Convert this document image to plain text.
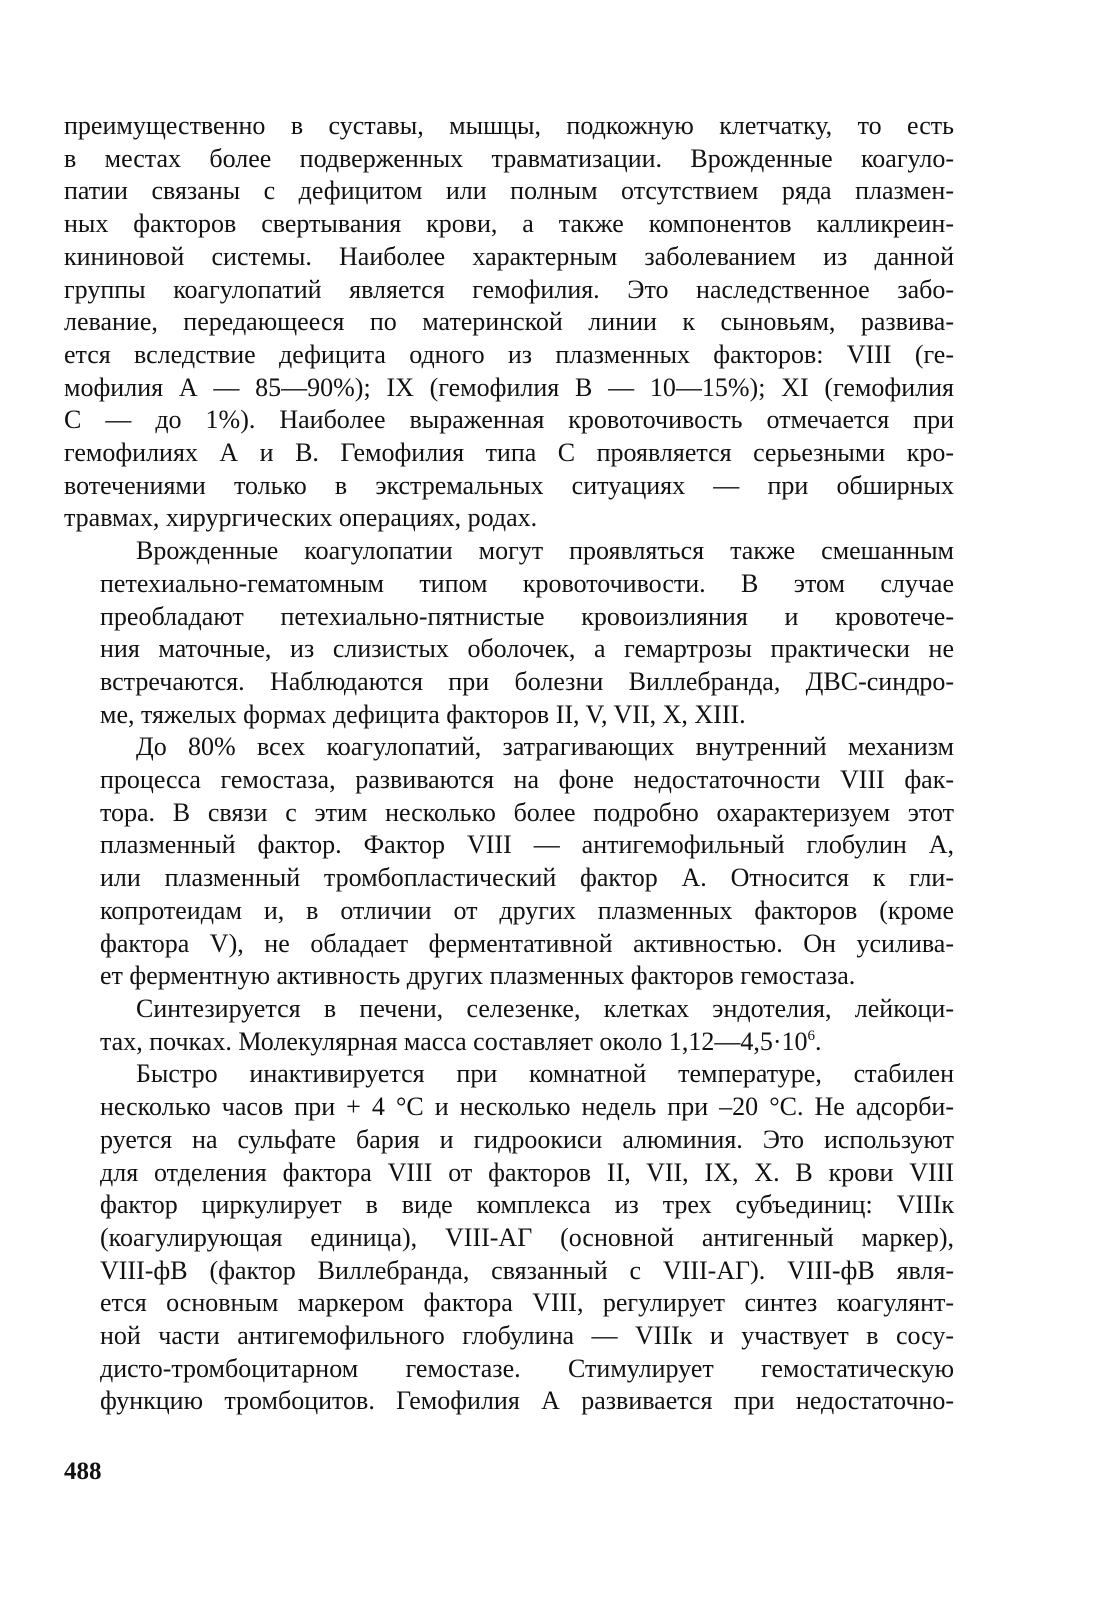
преимущественно в суставы, мышцы, подкожную клетчатку, то есть
в местах более подверженных травматизации. Врожденные коагуло-
патии связаны с дефицитом или полным отсутствием ряда плазмен-
ных факторов свертывания крови, а также компонентов калликреин-
кининовой системы. Наиболее характерным заболеванием из данной
группы коагулопатий является гемофилия. Это наследственное забо-
левание, передающееся по материнской линии к сыновьям, развива-
ется вследствие дефицита одного из плазменных факторов: VIII (ге-
мофилия А — 85—90%); IX (гемофилия В — 10—15%); XI (гемофилия
С — до 1%). Наиболее выраженная кровоточивость отмечается при
гемофилиях А и В. Гемофилия типа С проявляется серьезными кро-
вотечениями только в экстремальных ситуациях — при обширных
травмах, хирургических операциях, родах.
Врожденные коагулопатии могут проявляться также смешанным
петехиально-гематомным типом кровоточивости. В этом случае
преобладают петехиально-пятнистые кровоизлияния и кровотече-
ния маточные, из слизистых оболочек, а гемартрозы практически не
встречаются. Наблюдаются при болезни Виллебранда, ДВС-синдро-
ме, тяжелых формах дефицита факторов II, V, VII, X, XIII.
До 80% всех коагулопатий, затрагивающих внутренний механизм
процесса гемостаза, развиваются на фоне недостаточности VIII фак-
тора. В связи с этим несколько более подробно охарактеризуем этот
плазменный фактор. Фактор VIII — антигемофильный глобулин А,
или плазменный тромбопластический фактор А. Относится к гли-
копротеидам и, в отличии от других плазменных факторов (кроме
фактора V), не обладает ферментативной активностью. Он усилива-
ет ферментную активность других плазменных факторов гемостаза.
Синтезируется в печени, селезенке, клетках эндотелия, лейкоци-
тах, почках. Молекулярная масса составляет около $1,12—4,5\cdot 10^6$.
Быстро инактивируется при комнатной температуре, стабилен
несколько часов при + 4 °С и несколько недель при –20 °С. Не адсорби-
руется на сульфате бария и гидроокиси алюминия. Это используют
для отделения фактора VIII от факторов II, VII, IX, X. В крови VIII
фактор циркулирует в виде комплекса из трех субъединиц: VIIIк
(коагулирующая единица), VIII-АГ (основной антигенный маркер),
VIII-фВ (фактор Виллебранда, связанный с VIII-АГ). VIII-фВ явля-
ется основным маркером фактора VIII, регулирует синтез коагулянт-
ной части антигемофильного глобулина — VIIIк и участвует в сосу-
дисто-тромбоцитарном гемостазе. Стимулирует гемостатическую
функцию тромбоцитов. Гемофилия А развивается при недостаточно-
488
